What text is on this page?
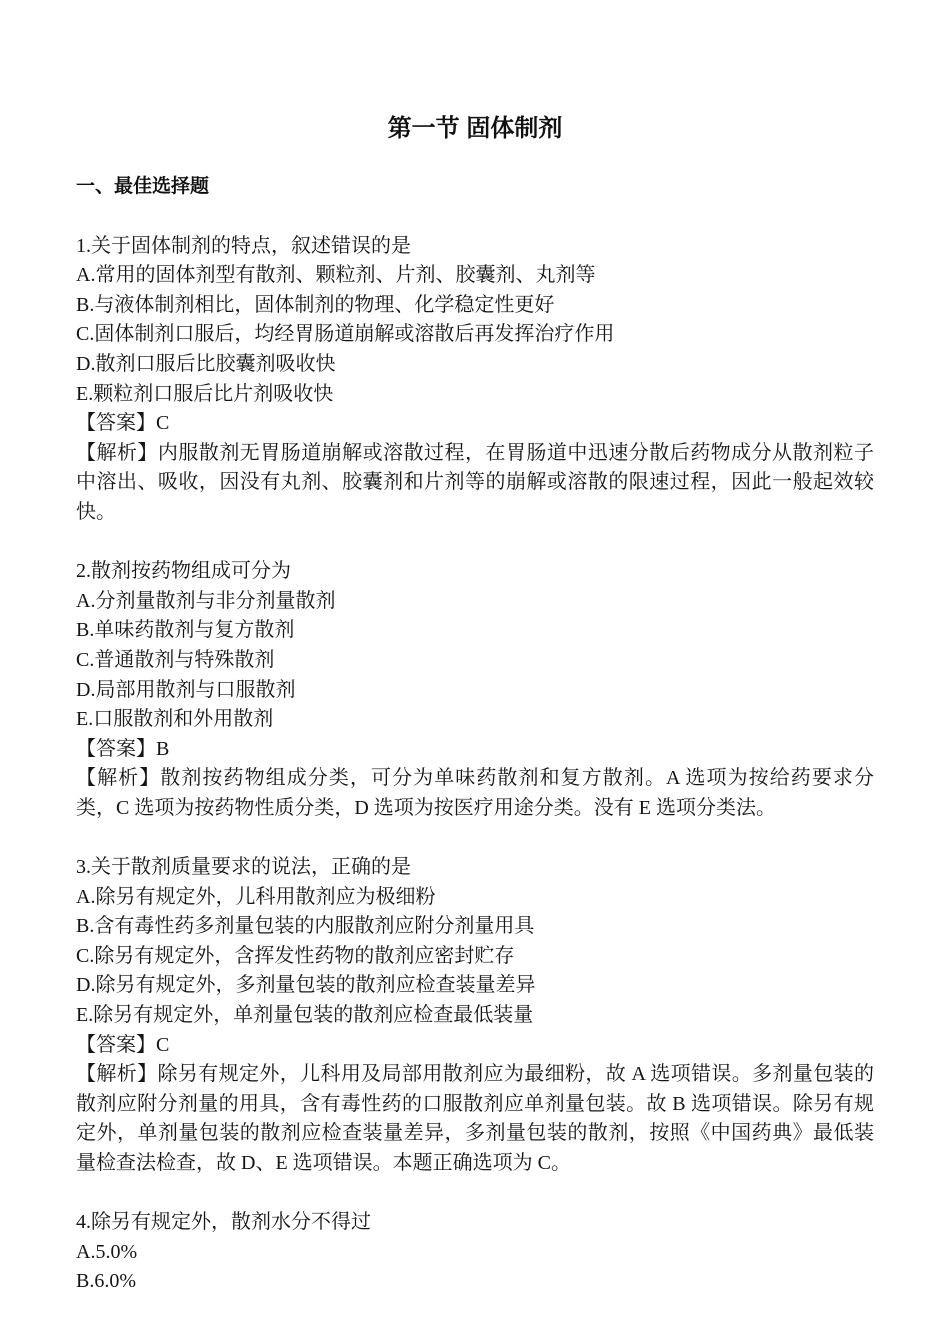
第一节 固体制剂
一、最佳选择题

1.关于固体制剂的特点，叙述错误的是

A.常用的固体剂型有散剂、颗粒剂、片剂、胶囊剂、丸剂等

B.与液体制剂相比，固体制剂的物理、化学稳定性更好

C.固体制剂口服后，均经胃肠道崩解或溶散后再发挥治疗作用

D.散剂口服后比胶囊剂吸收快

E.颗粒剂口服后比片剂吸收快

【答案】C

【解析】内服散剂无胃肠道崩解或溶散过程，在胃肠道中迅速分散后药物成分从散剂粒子中溶出、吸收，因没有丸剂、胶囊剂和片剂等的崩解或溶散的限速过程，因此一般起效较快。

2.散剂按药物组成可分为

A.分剂量散剂与非分剂量散剂

B.单味药散剂与复方散剂

C.普通散剂与特殊散剂

D.局部用散剂与口服散剂

E.口服散剂和外用散剂

【答案】B

【解析】散剂按药物组成分类，可分为单味药散剂和复方散剂。A 选项为按给药要求分类，C 选项为按药物性质分类，D 选项为按医疗用途分类。没有 E 选项分类法。

3.关于散剂质量要求的说法，正确的是

A.除另有规定外，儿科用散剂应为极细粉

B.含有毒性药多剂量包装的内服散剂应附分剂量用具

C.除另有规定外，含挥发性药物的散剂应密封贮存

D.除另有规定外，多剂量包装的散剂应检查装量差异

E.除另有规定外，单剂量包装的散剂应检查最低装量

【答案】C

【解析】除另有规定外，儿科用及局部用散剂应为最细粉，故 A 选项错误。多剂量包装的散剂应附分剂量的用具，含有毒性药的口服散剂应单剂量包装。故 B 选项错误。除另有规定外，单剂量包装的散剂应检查装量差异，多剂量包装的散剂，按照《中国药典》最低装量检查法检查，故 D、E 选项错误。本题正确选项为 C。

4.除另有规定外，散剂水分不得过

A.5.0%

B.6.0%
